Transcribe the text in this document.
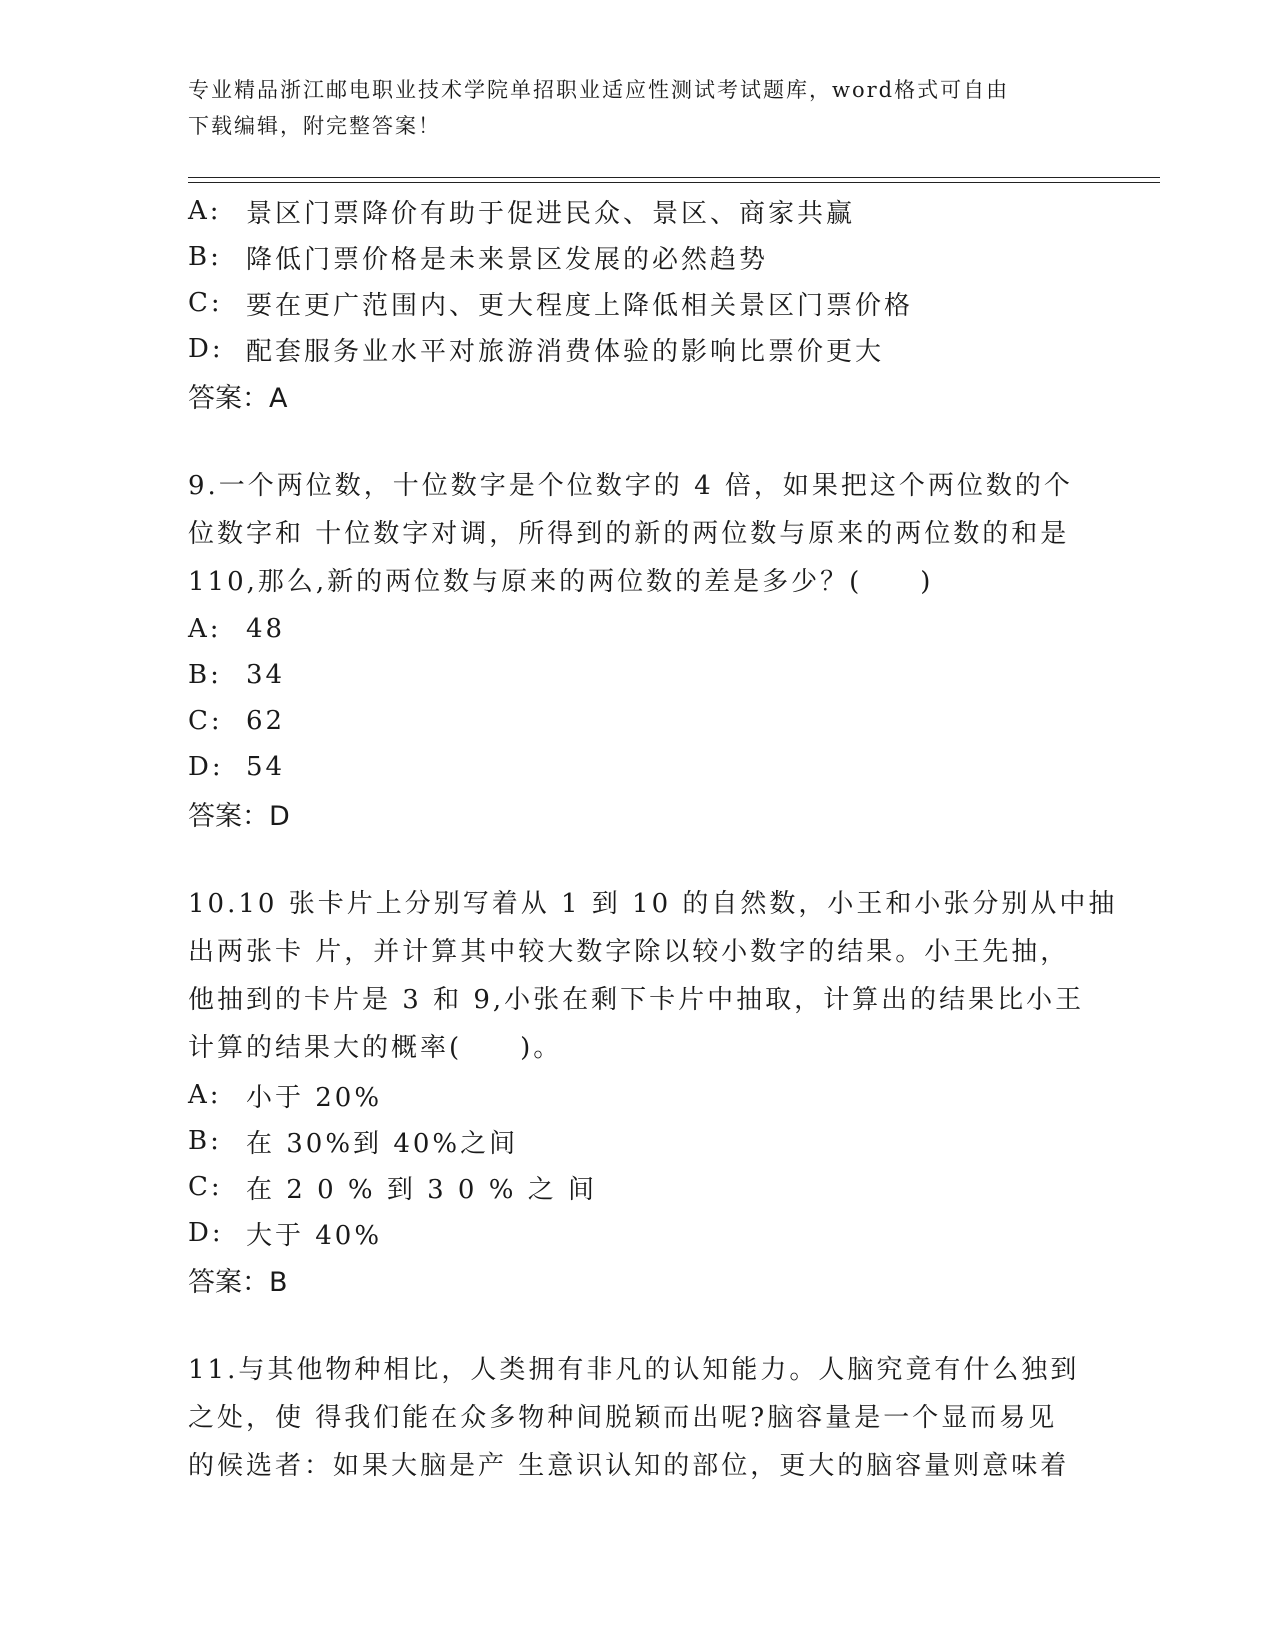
专业精品浙江邮电职业技术学院单招职业适应性测试考试题库，word格式可自由
下载编辑，附完整答案！
A: 景区门票降价有助于促进民众、景区、商家共赢
B: 降低门票价格是未来景区发展的必然趋势
C: 要在更广范围内、更大程度上降低相关景区门票价格
D: 配套服务业水平对旅游消费体验的影响比票价更大
答案：A
9.一个两位数，十位数字是个位数字的 4 倍，如果把这个两位数的个
位数字和 十位数字对调，所得到的新的两位数与原来的两位数的和是
110,那么,新的两位数与原来的两位数的差是多少？(　　)
A: 48
B: 34
C: 62
D: 54
答案：D
10.10 张卡片上分别写着从 1 到 10 的自然数，小王和小张分别从中抽
出两张卡 片，并计算其中较大数字除以较小数字的结果。小王先抽，
他抽到的卡片是 3 和 9,小张在剩下卡片中抽取，计算出的结果比小王
计算的结果大的概率(　　)。
A: 小于 20%
B: 在 30%到 40%之间
C: 在 2 0 % 到 3 0 % 之 间
D: 大于 40%
答案：B
11.与其他物种相比，人类拥有非凡的认知能力。人脑究竟有什么独到
之处，使 得我们能在众多物种间脱颖而出呢?脑容量是一个显而易见
的候选者：如果大脑是产 生意识认知的部位，更大的脑容量则意味着
